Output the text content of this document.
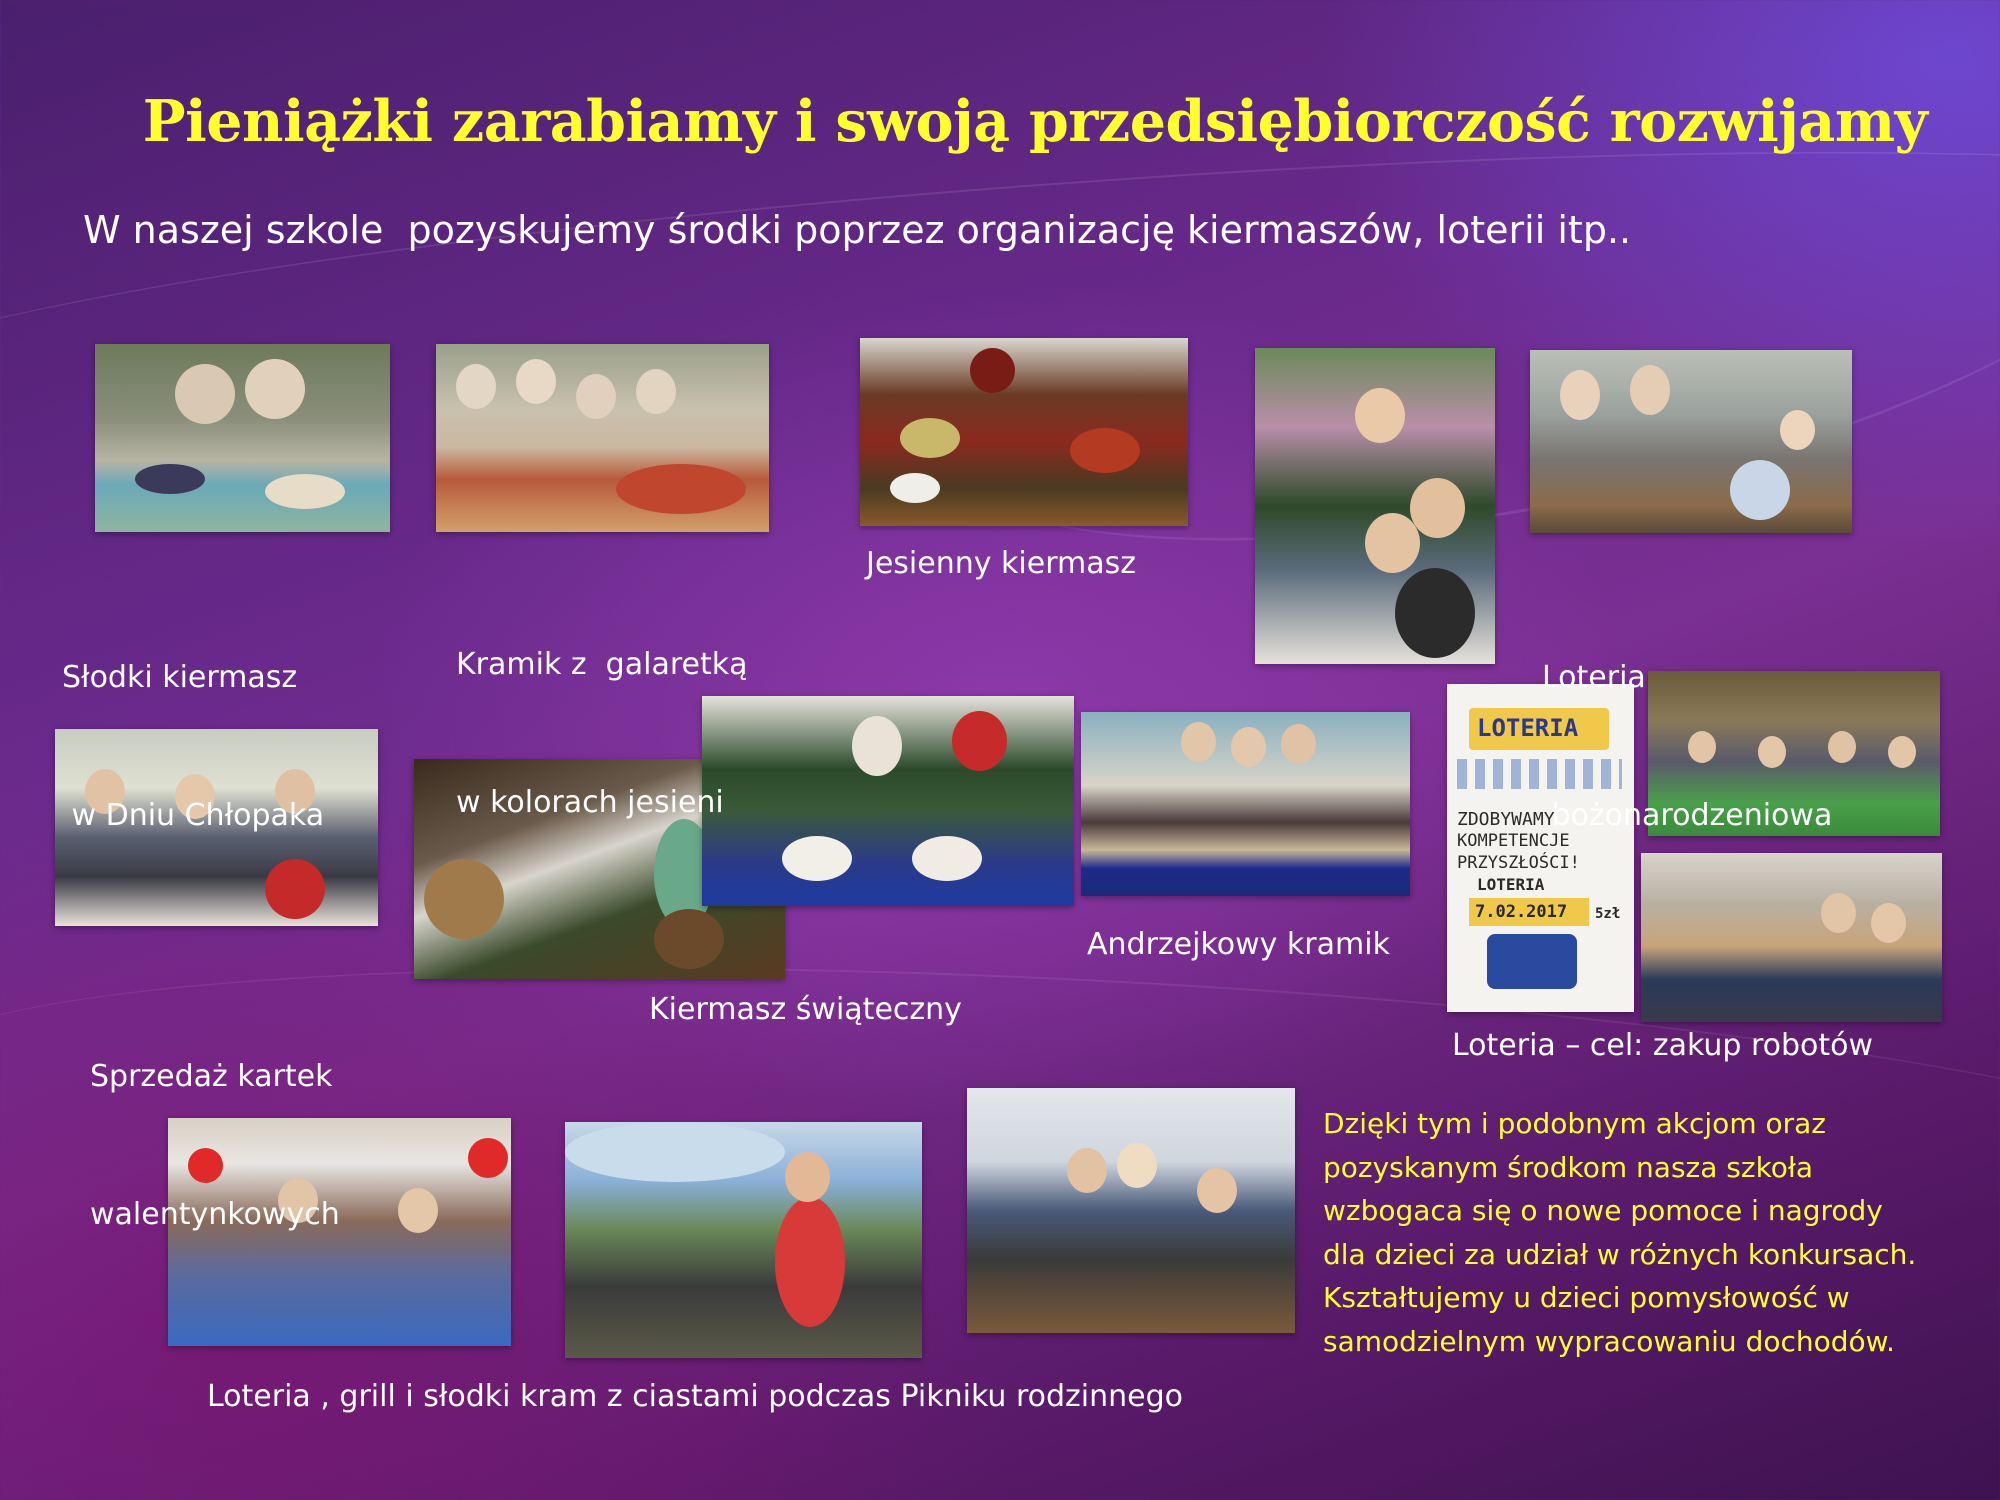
Pieniążki zarabiamy i swoją przedsiębiorczość rozwijamy
W naszej szkole  pozyskujemy środki poprzez organizację kiermaszów, loterii itp..
LOTERIA
ZDOBYWAMY
KOMPETENCJE
PRZYSZŁOŚCI!
LOTERIA
7.02.2017 5zł

Słodki kiermasz

w Dniu Chłopaka

Kramik z  galaretką

w kolorach jesieni

Jesienny kiermasz

Loteria

bożonarodzeniowa

Sprzedaż kartek

walentynkowych

Kiermasz świąteczny
Andrzejkowy kramik
Loteria – cel: zakup robotów
Loteria , grill i słodki kram z ciastami podczas Pikniku rodzinnego
Dzięki tym i podobnym akcjom oraz pozyskanym środkom nasza szkoła wzbogaca się o nowe pomoce i nagrody dla dzieci za udział w różnych konkursach. Kształtujemy u dzieci pomysłowość w samodzielnym wypracowaniu dochodów.
